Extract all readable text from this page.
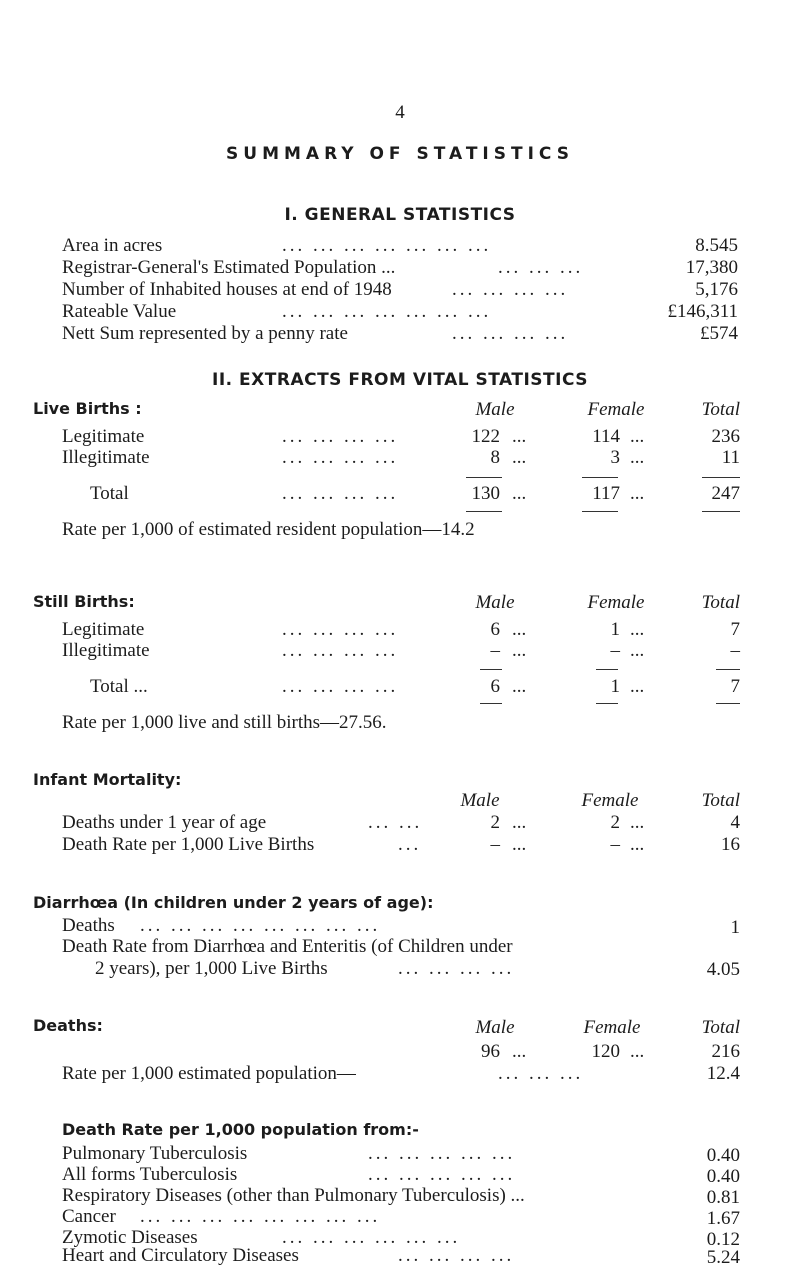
4
SUMMARY OF STATISTICS
I. GENERAL STATISTICS
Area in acres	... ... ... ... ... ... ...	8.545
Registrar-General's Estimated Population ...	... ... ...	17,380
Number of Inhabited houses at end of 1948	... ... ... ...	5,176
Rateable Value	... ... ... ... ... ... ...	£146,311
Nett Sum represented by a penny rate	... ... ... ...	£574
II. EXTRACTS FROM VITAL STATISTICS
Live Births :	Male	Female	Total
Legitimate	... ... ... ...	122 ...	114 ...	236
Illegitimate	... ... ... ...	8 ...	3 ...	11
Total	... ... ... ...	130 ...	117 ...	247
Rate per 1,000 of estimated resident population—14.2
Still Births:	Male	Female	Total
Legitimate	... ... ... ...	6 ...	1 ...	7
Illegitimate	... ... ... ...	– ...	– ...	–
Total ...	... ... ... ...	6 ...	1 ...	7
Rate per 1,000 live and still births—27.56.
Infant Mortality:
Male	Female	Total
Deaths under 1 year of age	... ...	2 ...	2 ...	4
Death Rate per 1,000 Live Births	...	– ...	– ...	16
Diarrhœa (In children under 2 years of age):
Deaths ... ... ... ... ... ... ... ...	1
Death Rate from Diarrhœa and Enteritis (of Children under
2 years), per 1,000 Live Births	... ... ... ...	4.05
Deaths:	Male	Female	Total
96 ...	120 ...	216
Rate per 1,000 estimated population—	... ... ...	12.4
Death Rate per 1,000 population from:-
Pulmonary Tuberculosis	... ... ... ... ...	0.40
All forms Tuberculosis	... ... ... ... ...	0.40
Respiratory Diseases (other than Pulmonary Tuberculosis) ...	0.81
Cancer ... ... ... ... ... ... ... ...	1.67
Zymotic Diseases	... ... ... ... ... ...	0.12
Heart and Circulatory Diseases	... ... ... ...	5.24
